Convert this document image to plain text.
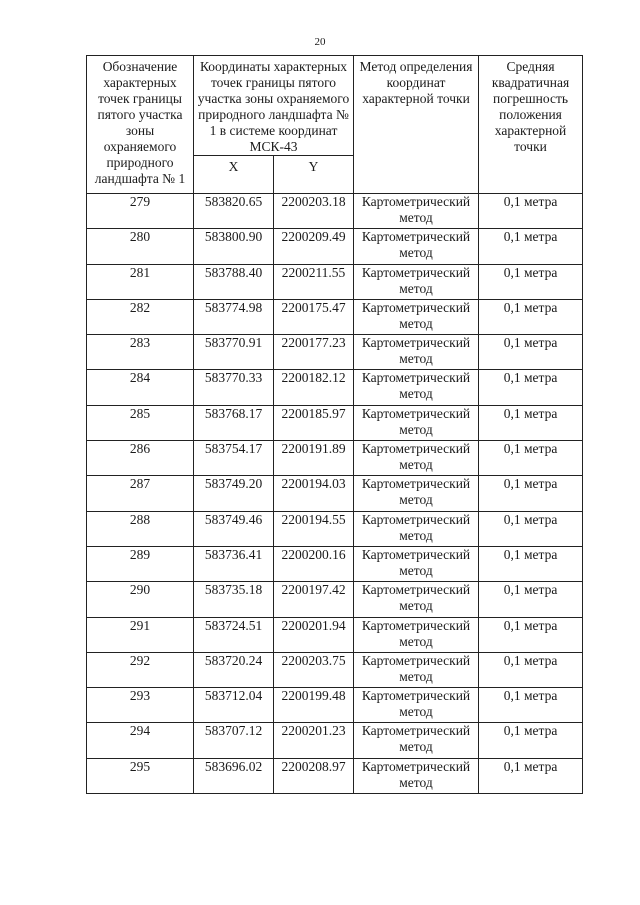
20
Обозначение характерных точек границы пятого участка зоны охраняемого природного ландшафта № 1	Координаты характерных точек границы пятого участка зоны охраняемого природного ландшафта № 1 в системе координат МСК-43		Метод определения координат характерной точки	Средняя квадратичная погрешность положения характерной точки
	X	Y		
279	583820.65	2200203.18	Картометрический метод	0,1 метра
280	583800.90	2200209.49	Картометрический метод	0,1 метра
281	583788.40	2200211.55	Картометрический метод	0,1 метра
282	583774.98	2200175.47	Картометрический метод	0,1 метра
283	583770.91	2200177.23	Картометрический метод	0,1 метра
284	583770.33	2200182.12	Картометрический метод	0,1 метра
285	583768.17	2200185.97	Картометрический метод	0,1 метра
286	583754.17	2200191.89	Картометрический метод	0,1 метра
287	583749.20	2200194.03	Картометрический метод	0,1 метра
288	583749.46	2200194.55	Картометрический метод	0,1 метра
289	583736.41	2200200.16	Картометрический метод	0,1 метра
290	583735.18	2200197.42	Картометрический метод	0,1 метра
291	583724.51	2200201.94	Картометрический метод	0,1 метра
292	583720.24	2200203.75	Картометрический метод	0,1 метра
293	583712.04	2200199.48	Картометрический метод	0,1 метра
294	583707.12	2200201.23	Картометрический метод	0,1 метра
295	583696.02	2200208.97	Картометрический метод	0,1 метра
